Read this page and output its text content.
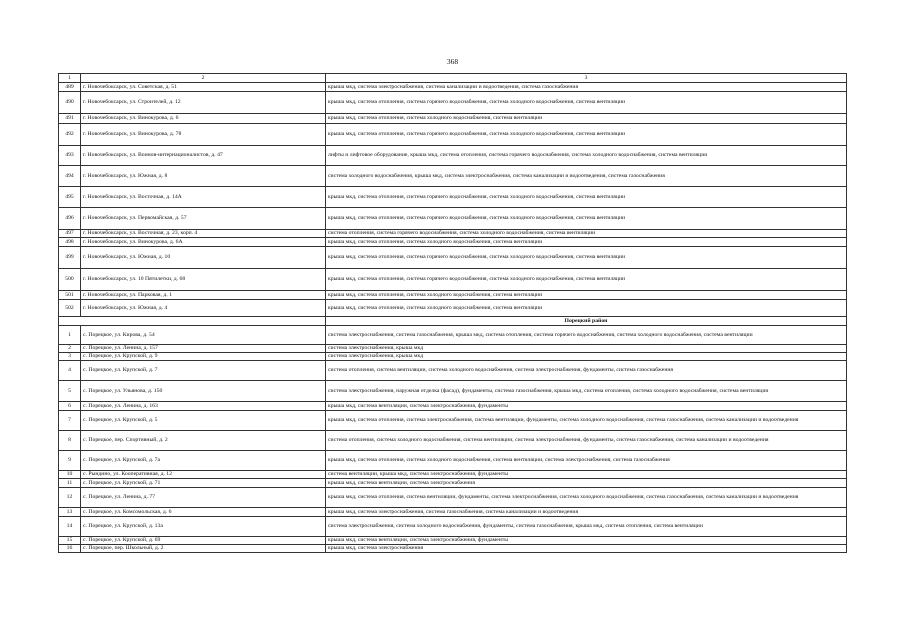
368
1	2	3
489	г. Новочебоксарск, ул. Советская, д. 51	крыша мкд, система электроснабжения, система канализации и водоотведения, система газоснабжения
490	г. Новочебоксарск, ул. Строителей, д. 12	крыша мкд, система отопления, система горячего водоснабжения, система холодного водоснабжения, система вентиляции
491	г. Новочебоксарск, ул. Винокурова, д. 6	крыша мкд, система отопления, система холодного водоснабжения, система вентиляции
492	г. Новочебоксарск, ул. Винокурова, д. 78	крыша мкд, система отопления, система горячего водоснабжения, система холодного водоснабжения, система вентиляции
493	г. Новочебоксарск, ул. Воинов-интернационалистов, д. 47	лифты и лифтовое оборудование, крыша мкд, система отопления, система горячего водоснабжения, система холодного водоснабжения, система вентиляции
494	г. Новочебоксарск, ул. Южная, д. 8	система холодного водоснабжения, крыша мкд, система электроснабжения, система канализации и водоотведения, система газоснабжения
495	г. Новочебоксарск, ул. Восточная, д. 14А	крыша мкд, система отопления, система горячего водоснабжения, система холодного водоснабжения, система вентиляции
496	г. Новочебоксарск, ул. Первомайская, д. 57	крыша мкд, система отопления, система горячего водоснабжения, система холодного водоснабжения, система вентиляции
497	г. Новочебоксарск, ул. Восточная, д. 23, корп. 4	система отопления, система горячего водоснабжения, система холодного водоснабжения, система вентиляции
498	г. Новочебоксарск, ул. Винокурова, д. 6А	крыша мкд, система отопления, система холодного водоснабжения, система вентиляции
499	г. Новочебоксарск, ул. Южная, д. 10	крыша мкд, система отопления, система горячего водоснабжения, система холодного водоснабжения, система вентиляции
500	г. Новочебоксарск, ул. 10 Пятилетки, д. 68	крыша мкд, система отопления, система горячего водоснабжения, система холодного водоснабжения, система вентиляции
501	г. Новочебоксарск, ул. Парковая, д. 1	крыша мкд, система отопления, система холодного водоснабжения, система вентиляции
502	г. Новочебоксарск, ул. Южная, д. 4	крыша мкд, система отопления, система холодного водоснабжения, система вентиляции
		Порецкий район
1	с. Порецкое, ул. Кирова, д. 54	система электроснабжения, система газоснабжения, крыша мкд, система отопления, система горячего водоснабжения, система холодного водоснабжения, система вентиляции
2	с. Порецкое, ул. Ленина, д. 157	система электроснабжения, крыша мкд
3	с. Порецкое, ул. Крупской, д. 9	система электроснабжения, крыша мкд
4	с. Порецкое, ул. Крупской, д. 7	система отопления, система вентиляции, система холодного водоснабжения, система электроснабжения, фундаменты, система газоснабжения
5	с. Порецкое, ул. Ульянова, д. 150	система электроснабжения, наружная отделка (фасад), фундаменты, система газоснабжения, крыша мкд, система отопления, система холодного водоснабжения, система вентиляции
6	с. Порецкое, ул. Ленина, д. 163	крыша мкд, система вентиляции, система электроснабжения, фундаменты
7	с. Порецкое, ул. Крупской, д. 5	крыша мкд, система отопления, система электроснабжения, система вентиляции, фундаменты, система холодного водоснабжения, система газоснабжения, система канализации и водоотведения
8	с. Порецкое, пер. Спортивный, д. 2	система отопления, система холодного водоснабжения, система вентиляции, система электроснабжения, фундаменты, система газоснабжения, система канализации и водоотведения
9	с. Порецкое, ул. Крупской, д. 7а	крыша мкд, система отопления, система холодного водоснабжения, система вентиляции, система электроснабжения, система газоснабжения
10	с. Рындино, ул. Кооперативная, д. 12	система вентиляции, крыша мкд, система электроснабжения, фундаменты
11	с. Порецкое, ул. Крупской, д. 71	крыша мкд, система вентиляции, система электроснабжения
12	с. Порецкое, ул. Ленина, д. 77	крыша мкд, система отопления, система вентиляции, фундаменты, система электроснабжения, система холодного водоснабжения, система газоснабжения, система канализации и водоотведения
13	с. Порецкое, ул. Комсомольская, д. 6	крыша мкд, система электроснабжения, система газоснабжения, система канализации и водоотведения
14	с. Порецкое, ул. Крупской, д. 13а	система электроснабжения, система холодного водоснабжения, фундаменты, система газоснабжения, крыша мкд, система отопления, система вентиляции
15	с. Порецкое, ул. Крупской, д. 69	крыша мкд, система вентиляции, система электроснабжения, фундаменты
16	с. Порецкое, пер. Школьный, д. 2	крыша мкд, система электроснабжения
